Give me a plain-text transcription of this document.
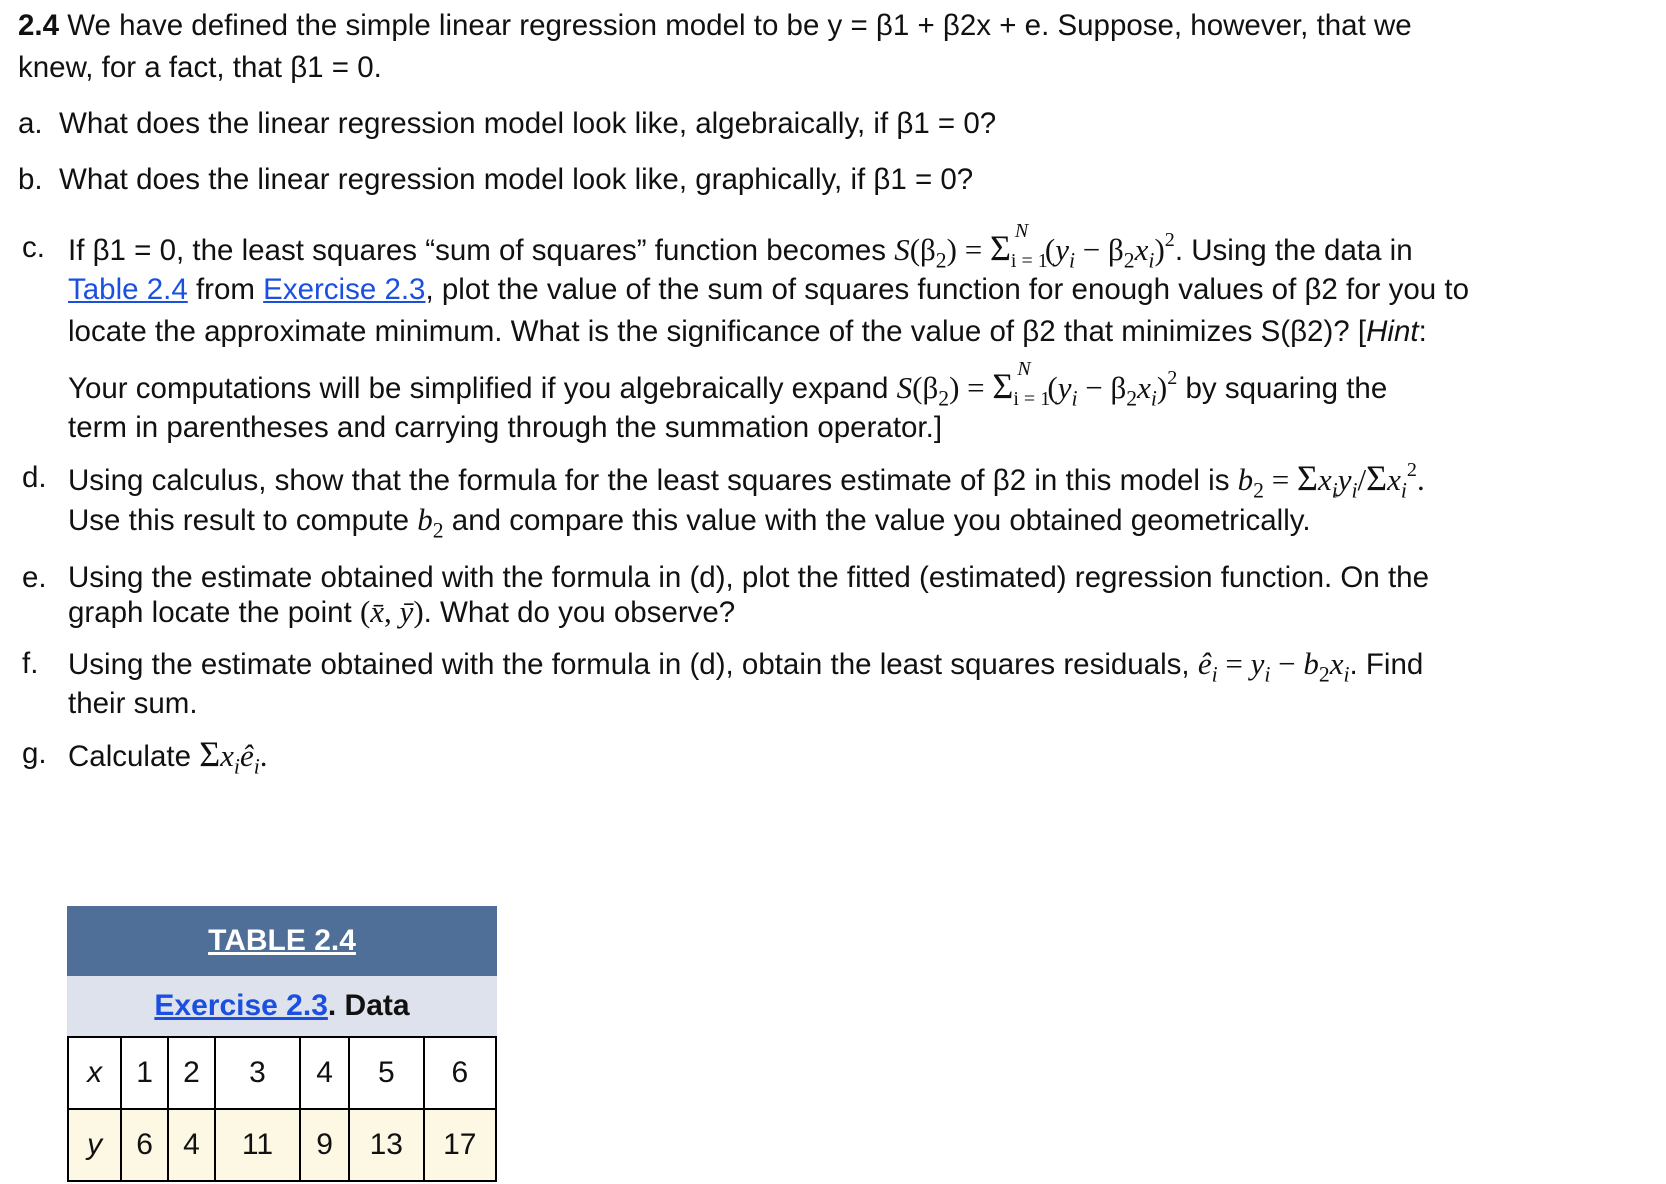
2.4 We have defined the simple linear regression model to be y = β1 + β2x + e. Suppose, however, that we
knew, for a fact, that β1 = 0.
a. What does the linear regression model look like, algebraically, if β1 = 0?
b. What does the linear regression model look like, graphically, if β1 = 0?
c. If β1 = 0, the least squares “sum of squares” function becomes $S(\beta_2) = \Sigma$ N
i = 1
$(y_i - \beta_2x_i)^2$. Using the data in
Table 2.4 from Exercise 2.3, plot the value of the sum of squares function for enough values of β2 for you to
locate the approximate minimum. What is the significance of the value of β2 that minimizes S(β2)? [Hint:
Your computations will be simplified if you algebraically expand $S(\beta_2) = \Sigma$ N
i = 1
$(y_i - \beta_2x_i)^2$ by squaring the
term in parentheses and carrying through the summation operator.]
d. Using calculus, show that the formula for the least squares estimate of β2 in this model is $b_2 = \Sigma x_iy_i/\Sigma x_i^2$.
Use this result to compute $b_2$ and compare this value with the value you obtained geometrically.
e. Using the estimate obtained with the formula in (d), plot the fitted (estimated) regression function. On the
graph locate the point (x̄, ȳ). What do you observe?
f. Using the estimate obtained with the formula in (d), obtain the least squares residuals, $ê_i = y_i - b_2x_i$. Find
their sum.
g. Calculate $\Sigma x_iê_i$.
TABLE 2.4
Exercise 2.3 . Data
x	1	2	3	4	5	6
y	6	4	11	9	13	17
